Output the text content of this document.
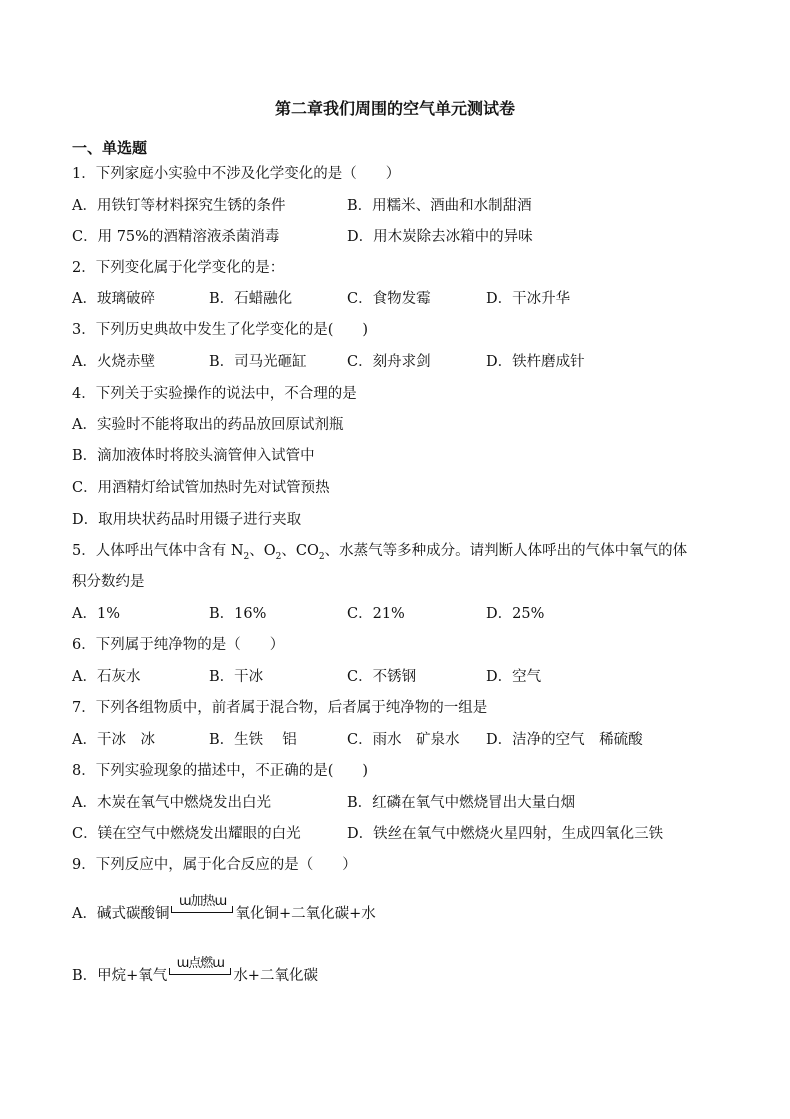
第二章我们周围的空气单元测试卷
一、单选题
1．下列家庭小实验中不涉及化学变化的是（　　）
A．用铁钉等材料探究生锈的条件	B．用糯米、酒曲和水制甜酒
C．用 75%的酒精溶液杀菌消毒	D．用木炭除去冰箱中的异味
2．下列变化属于化学变化的是：
A．玻璃破碎	B．石蜡融化	C．食物发霉	D．干冰升华
3．下列历史典故中发生了化学变化的是(　　)
A．火烧赤壁	B．司马光砸缸	C．刻舟求剑	D．铁杵磨成针
4．下列关于实验操作的说法中，不合理的是
A．实验时不能将取出的药品放回原试剂瓶
B．滴加液体时将胶头滴管伸入试管中
C．用酒精灯给试管加热时先对试管预热
D．取用块状药品时用镊子进行夹取
5．人体呼出气体中含有 $N_2$、$O_2$、$CO_2$、水蒸气等多种成分。请判断人体呼出的气体中氧气的体
积分数约是
A．1%	B．16%	C．21%	D．25%
6．下列属于纯净物的是（　　）
A．石灰水	B．干冰	C．不锈钢	D．空气
7．下列各组物质中，前者属于混合物，后者属于纯净物的一组是
A．干冰　冰	B．生铁　 铝	C．雨水　矿泉水 D．洁净的空气　稀硫酸
8．下列实验现象的描述中，不正确的是(　　)
A．木炭在氧气中燃烧发出白光	B．红磷在氧气中燃烧冒出大量白烟
C．镁在空气中燃烧发出耀眼的白光	D．铁丝在氧气中燃烧火星四射，生成四氧化三铁
9．下列反应中，属于化合反应的是（　　）
A．碱式碳酸铜
ɯ加热ɯ
氧化铜+二氧化碳+水
B．甲烷+氧气
ɯ点燃ɯ
水+二氧化碳
